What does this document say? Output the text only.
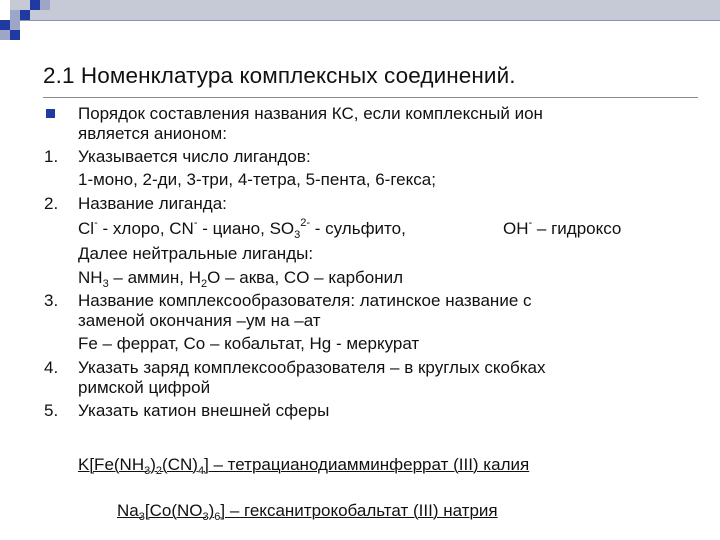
2.1 Номенклатура комплексных соединений.
Порядок составления названия КС, если комплексный ион
является анионом:
1. Указывается число лигандов:
1-моно, 2-ди, 3-три, 4-тетра, 5-пента, 6-гекса;
2. Название лиганда:
Cl- - хлоро, CN- - циано, $SO_3^{2-}$ - сульфито,	OH- – гидроксо
Далее нейтральные лиганды:
$NH_3$ – аммин, $H_2O$ – аква, CO – карбонил
3. Название комплексообразователя: латинское название с
заменой окончания –ум на –ат
Fe – феррат, Co – кобальтат, Hg - меркурат
4. Указать заряд комплексообразователя – в круглых скобках
римской цифрой
5. Указать катион внешней сферы
$K[Fe(NH_3)_2(CN)_4]$ – тетрацианодиамминферрат (III) калия
$Na_3[Co(NO_3)_6]$ – гексанитрокобальтат (III) натрия
